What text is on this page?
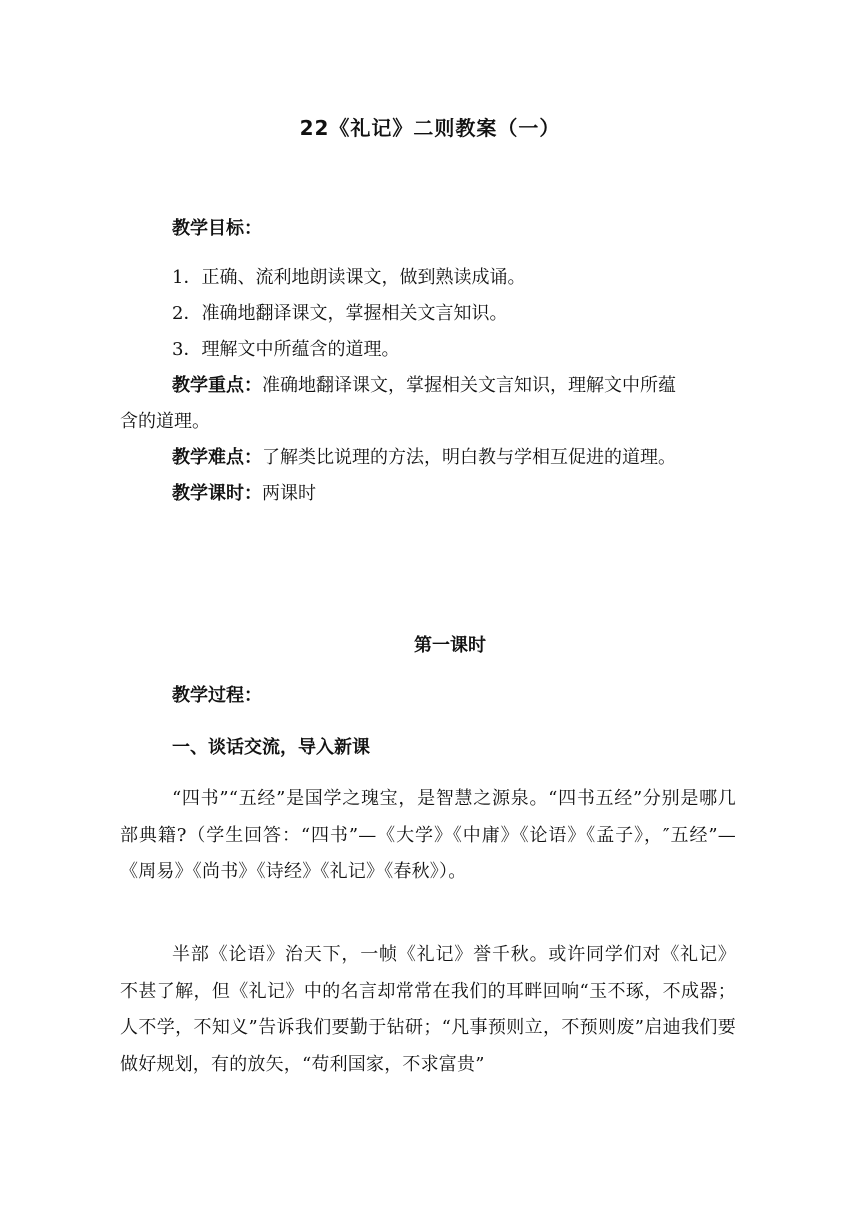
22《礼记》二则教案（一）
教学目标：
1．正确、流利地朗读课文，做到熟读成诵。
2．准确地翻译课文，掌握相关文言知识。
3．理解文中所蕴含的道理。
教学重点：准确地翻译课文，掌握相关文言知识，理解文中所蕴
含的道理。
教学难点：了解类比说理的方法，明白教与学相互促进的道理。
教学课时：两课时
第一课时
教学过程：
一、谈话交流，导入新课
“四书”“五经”是国学之瑰宝，是智慧之源泉。“四书五经”分别是哪几部典籍?（学生回答：“四书”—《大学》《中庸》《论语》《孟子》，″五经”—《周易》《尚书》《诗经》《礼记》《春秋》）。
半部《论语》治天下，一帧《礼记》誉千秋。或许同学们对《礼记》不甚了解，但《礼记》中的名言却常常在我们的耳畔回响“玉不琢，不成器；人不学，不知义”告诉我们要勤于钻研；“凡事预则立，不预则废”启迪我们要做好规划，有的放矢，“苟利国家，不求富贵”
